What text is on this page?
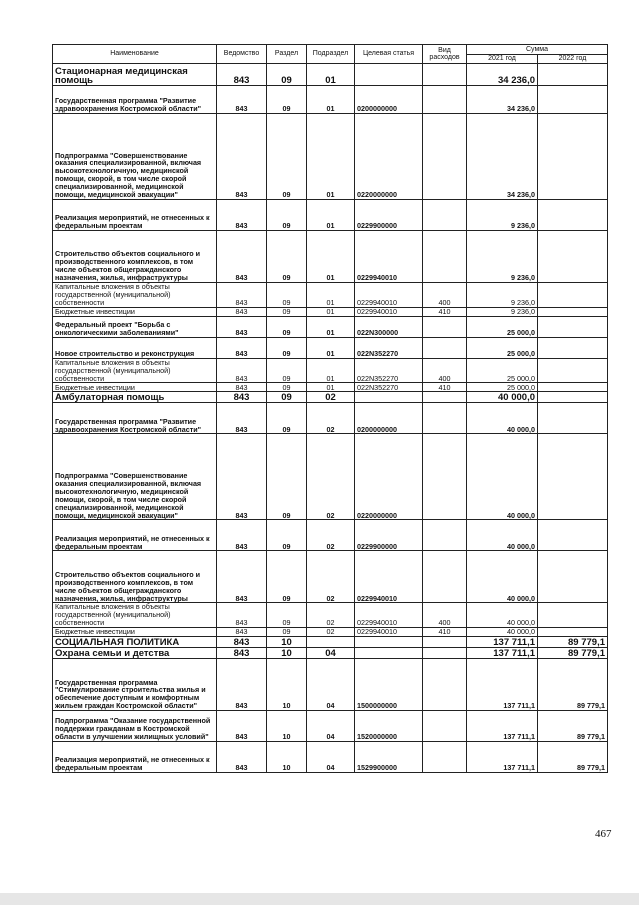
Наименование	Ведомство	Раздел	Подраздел	Целевая статья	Вид расходов	Сумма	
						2021 год	2022 год
Стационарная медицинская помощь	843	09	01			34 236,0	
Государственная программа "Развитие здравоохранения Костромской области"	843	09	01	0200000000		34 236,0	
Подпрограмма "Совершенствование оказания специализированной, включая высокотехнологичную, медицинской помощи, скорой, в том числе скорой специализированной, медицинской помощи, медицинской эвакуации"	843	09	01	0220000000		34 236,0	
Реализация мероприятий, не отнесенных к федеральным проектам	843	09	01	0229900000		9 236,0	
Строительство объектов социального и производственного комплексов, в том числе объектов общегражданского назначения, жилья, инфраструктуры	843	09	01	0229940010		9 236,0	
Капитальные вложения в объекты государственной (муниципальной) собственности	843	09	01	0229940010	400	9 236,0	
Бюджетные инвестиции	843	09	01	0229940010	410	9 236,0	
Федеральный проект "Борьба с онкологическими заболеваниями"	843	09	01	022N300000		25 000,0	
Новое строительство и реконструкция	843	09	01	022N352270		25 000,0	
Капитальные вложения в объекты государственной (муниципальной) собственности	843	09	01	022N352270	400	25 000,0	
Бюджетные инвестиции	843	09	01	022N352270	410	25 000,0	
Амбулаторная помощь	843	09	02			40 000,0	
Государственная программа "Развитие здравоохранения Костромской области"	843	09	02	0200000000		40 000,0	
Подпрограмма "Совершенствование оказания специализированной, включая высокотехнологичную, медицинской помощи, скорой, в том числе скорой специализированной, медицинской помощи, медицинской эвакуации"	843	09	02	0220000000		40 000,0	
Реализация мероприятий, не отнесенных к федеральным проектам	843	09	02	0229900000		40 000,0	
Строительство объектов социального и производственного комплексов, в том числе объектов общегражданского назначения, жилья, инфраструктуры	843	09	02	0229940010		40 000,0	
Капитальные вложения в объекты государственной (муниципальной) собственности	843	09	02	0229940010	400	40 000,0	
Бюджетные инвестиции	843	09	02	0229940010	410	40 000,0	
СОЦИАЛЬНАЯ ПОЛИТИКА	843	10				137 711,1	89 779,1
Охрана семьи и детства	843	10	04			137 711,1	89 779,1
Государственная программа "Стимулирование строительства жилья и обеспечение доступным и комфортным жильем граждан Костромской области"	843	10	04	1500000000		137 711,1	89 779,1
Подпрограмма "Оказание государственной поддержки гражданам в Костромской области в улучшении жилищных условий"	843	10	04	1520000000		137 711,1	89 779,1
Реализация мероприятий, не отнесенных к федеральным проектам	843	10	04	1529900000		137 711,1	89 779,1
467
